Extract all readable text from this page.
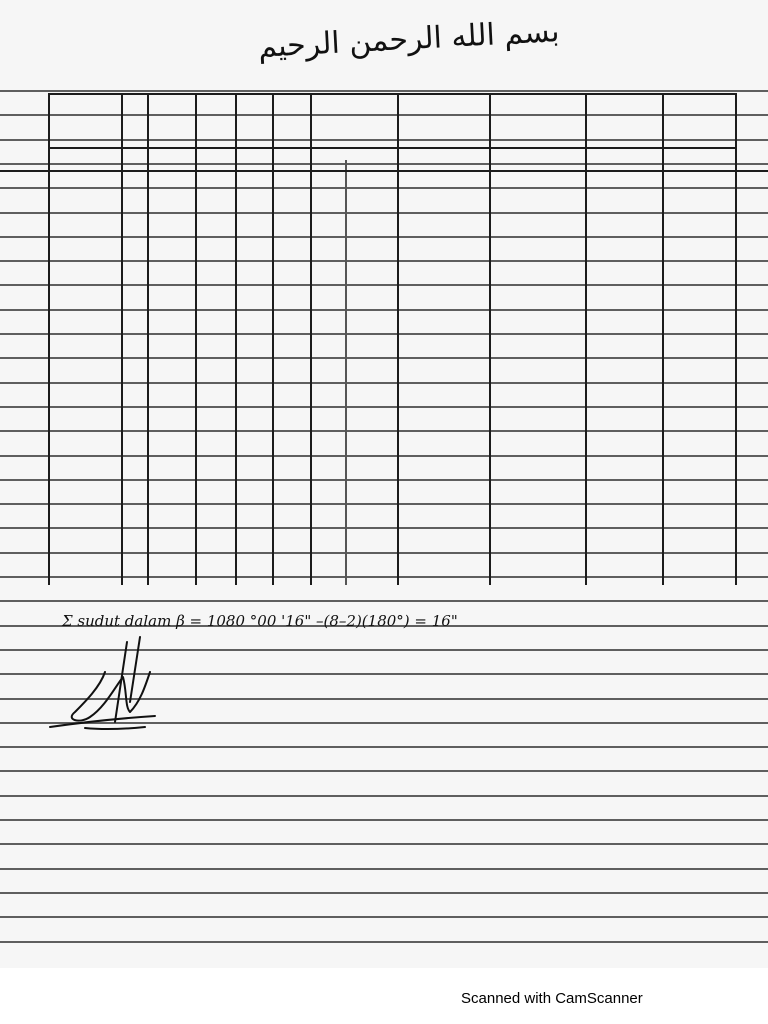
بسم الله الرحمن الرحيم
Σ sudut dalam β = 1080 °00 '16" –(8–2)(180°) = 16"
Scanned with CamScanner
